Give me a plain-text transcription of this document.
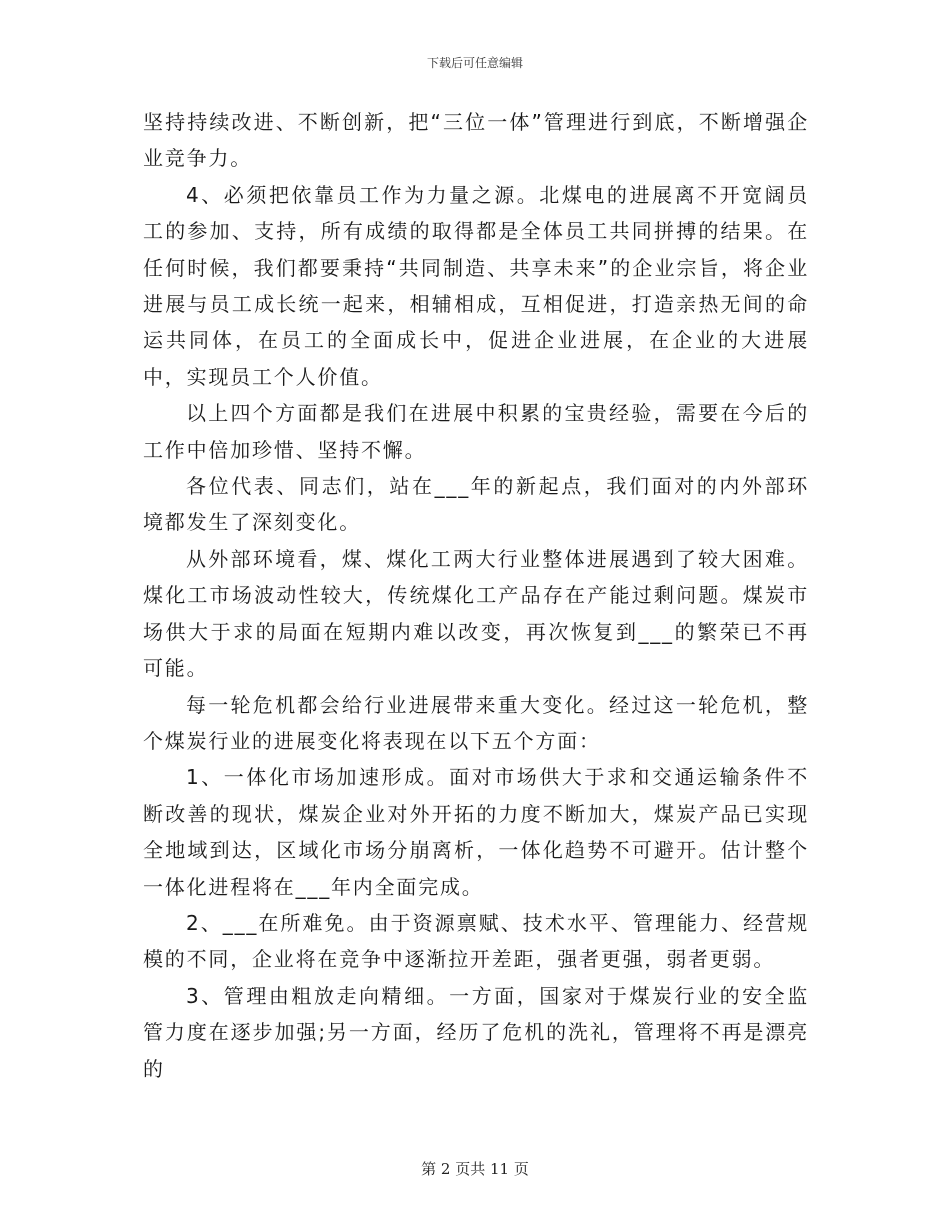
下载后可任意编辑

坚持持续改进、不断创新，把“三位一体”管理进行到底，不断增强企业竞争力。

4、必须把依靠员工作为力量之源。北煤电的进展离不开宽阔员工的参加、支持，所有成绩的取得都是全体员工共同拼搏的结果。在任何时候，我们都要秉持“共同制造、共享未来”的企业宗旨，将企业进展与员工成长统一起来，相辅相成，互相促进，打造亲热无间的命运共同体，在员工的全面成长中，促进企业进展，在企业的大进展中，实现员工个人价值。

以上四个方面都是我们在进展中积累的宝贵经验，需要在今后的工作中倍加珍惜、坚持不懈。

各位代表、同志们，站在___年的新起点，我们面对的内外部环境都发生了深刻变化。

从外部环境看，煤、煤化工两大行业整体进展遇到了较大困难。煤化工市场波动性较大，传统煤化工产品存在产能过剩问题。煤炭市场供大于求的局面在短期内难以改变，再次恢复到___的繁荣已不再可能。

每一轮危机都会给行业进展带来重大变化。经过这一轮危机，整个煤炭行业的进展变化将表现在以下五个方面：

1、一体化市场加速形成。面对市场供大于求和交通运输条件不断改善的现状，煤炭企业对外开拓的力度不断加大，煤炭产品已实现全地域到达，区域化市场分崩离析，一体化趋势不可避开。估计整个一体化进程将在___年内全面完成。

2、___在所难免。由于资源禀赋、技术水平、管理能力、经营规模的不同，企业将在竞争中逐渐拉开差距，强者更强，弱者更弱。

3、管理由粗放走向精细。一方面，国家对于煤炭行业的安全监管力度在逐步加强;另一方面，经历了危机的洗礼，管理将不再是漂亮的

第 2 页共 11 页
